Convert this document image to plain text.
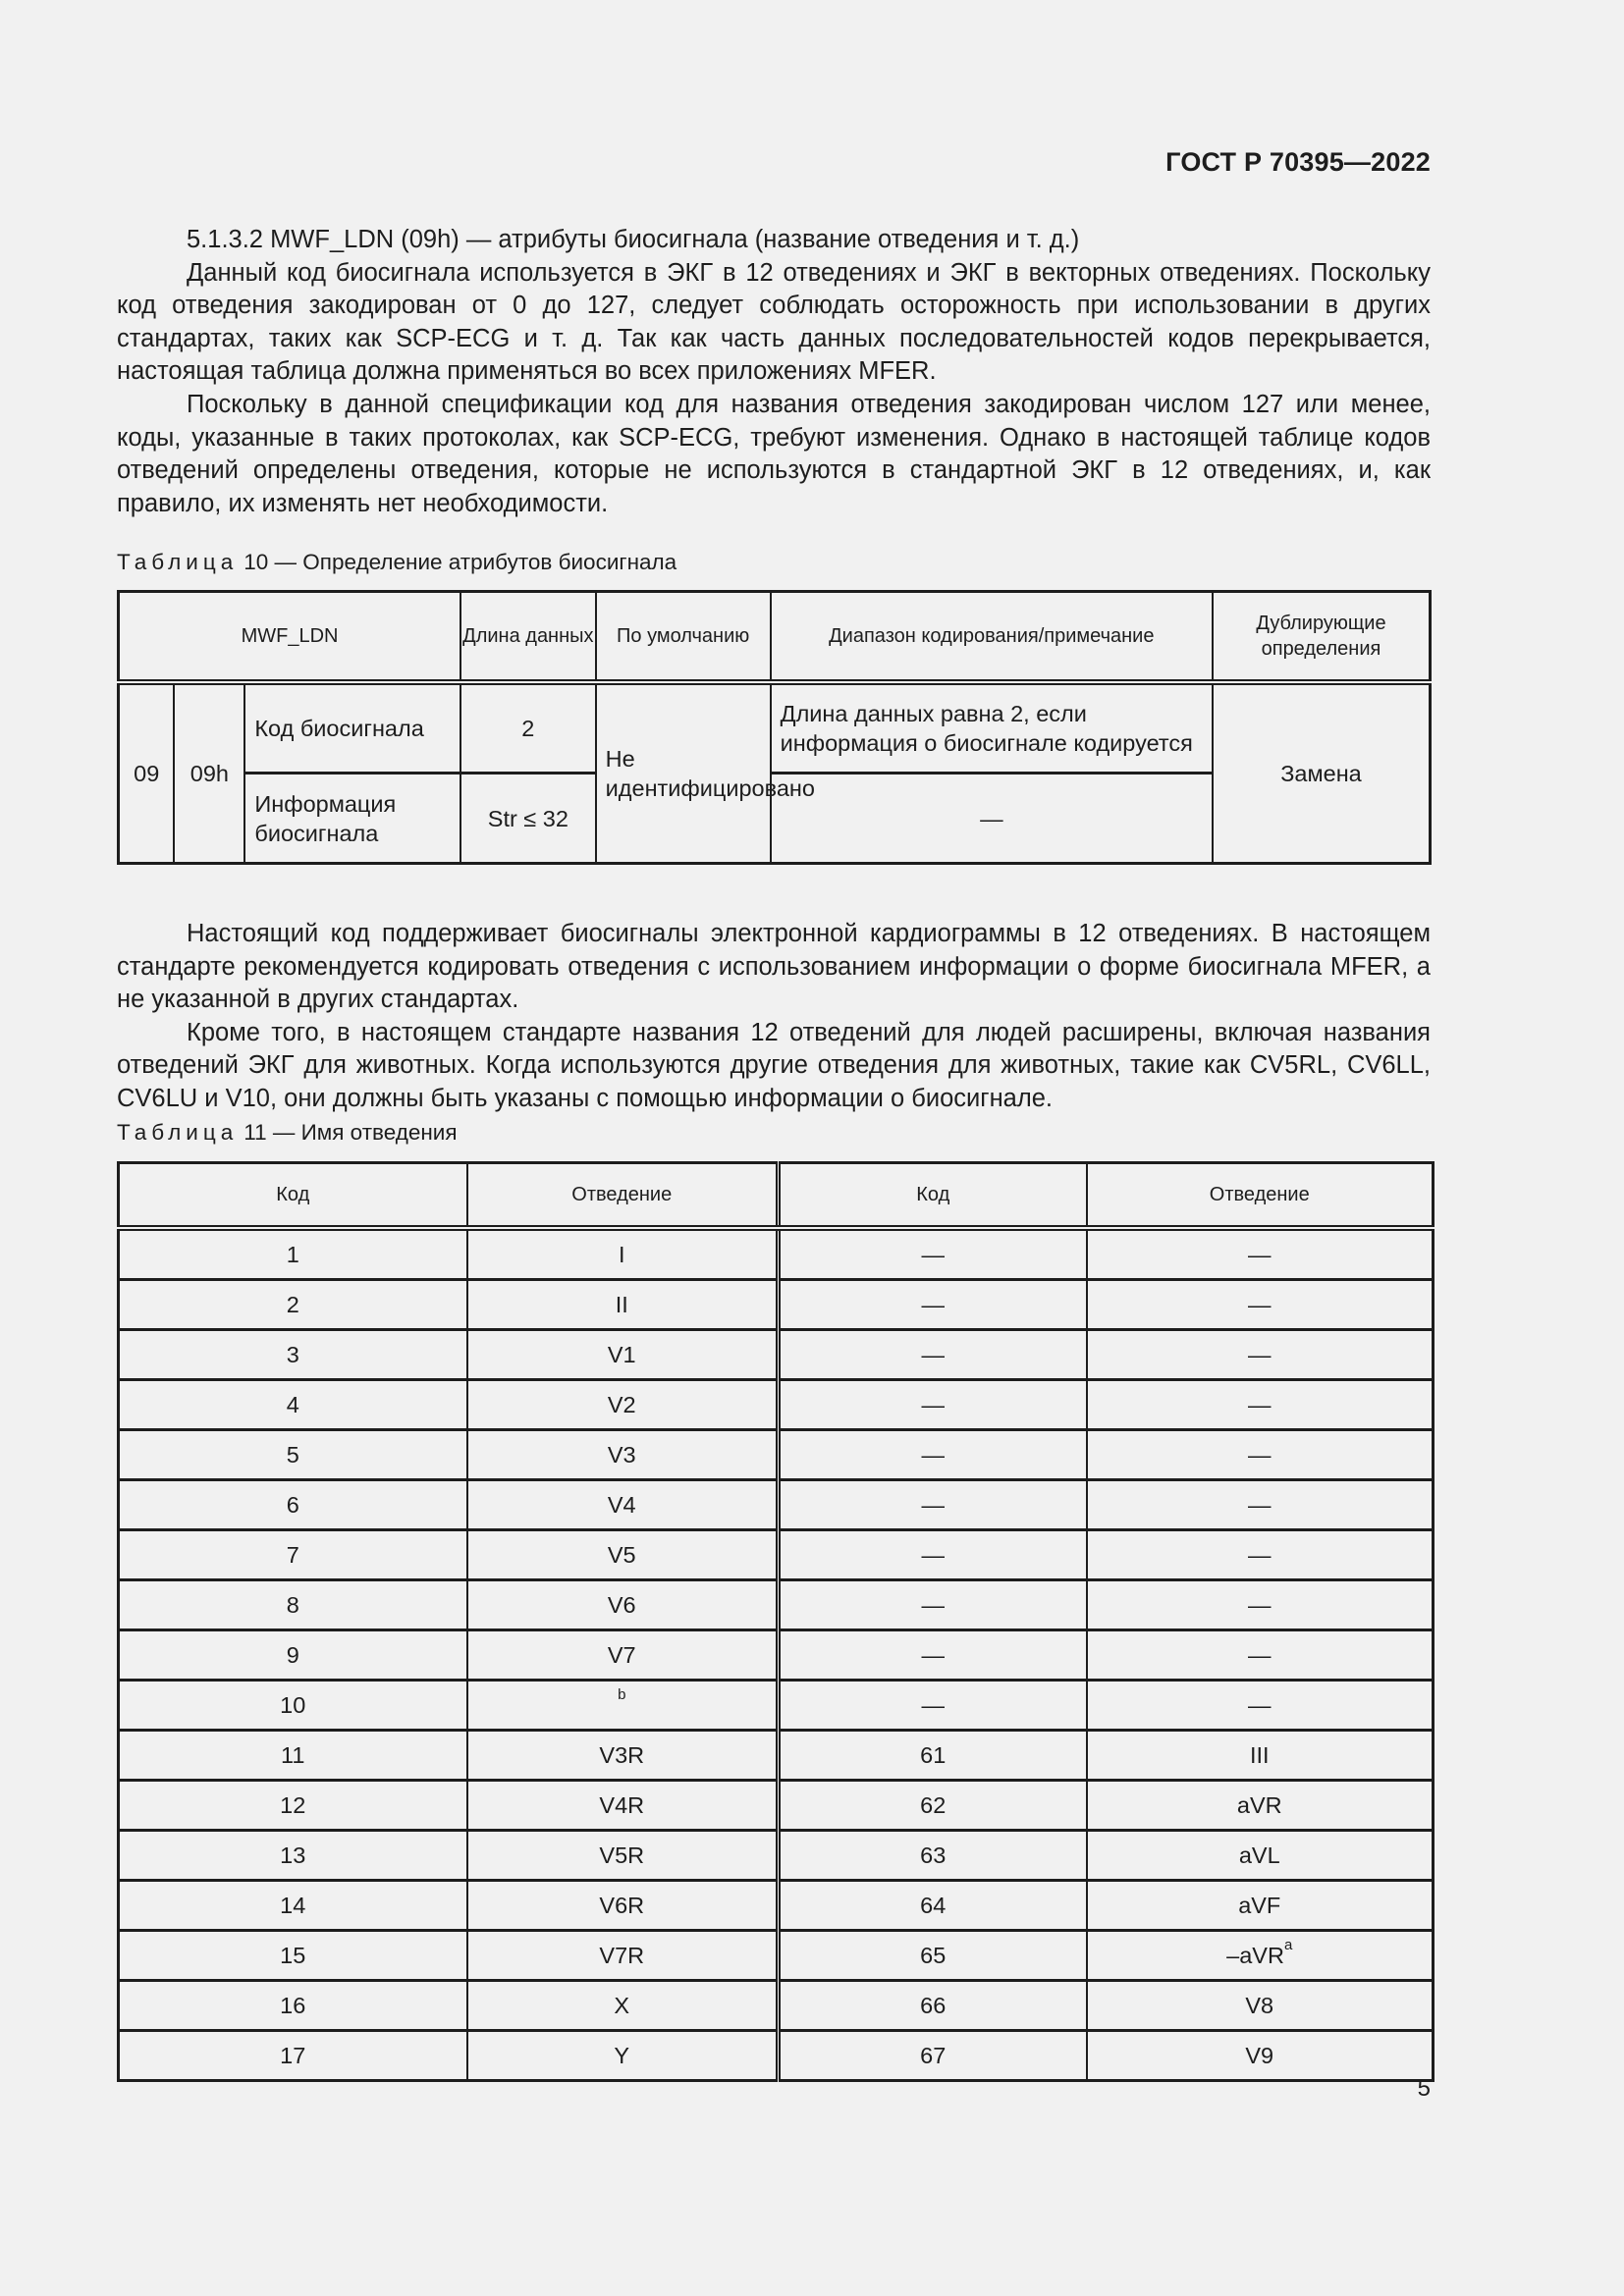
ГОСТ Р 70395—2022

5.1.3.2 MWF_LDN (09h) — атрибуты биосигнала (название отведения и т. д.)

Данный код биосигнала используется в ЭКГ в 12 отведениях и ЭКГ в векторных отведениях. Поскольку код отведения закодирован от 0 до 127, следует соблюдать осторожность при использовании в других стандартах, таких как SCP-ECG и т. д. Так как часть данных последовательностей кодов перекрывается, настоящая таблица должна применяться во всех приложениях MFER.

Поскольку в данной спецификации код для названия отведения закодирован числом 127 или менее, коды, указанные в таких протоколах, как SCP-ECG, требуют изменения. Однако в настоящей таблице кодов отведений определены отведения, которые не используются в стандартной ЭКГ в 12 отведениях, и, как правило, их изменять нет необходимости.

Таблица 10 — Определение атрибутов биосигнала
MWF_LDN			Длина данных	По умолчанию	Диапазон кодирования/примечание	Дублирующие определения
09	09h	Код биосигнала	2	Не идентифицировано	Длина данных равна 2, если информация о биосигнале кодируется	Замена
		Информация биосигнала	Str ≤ 32		—	

Настоящий код поддерживает биосигналы электронной кардиограммы в 12 отведениях. В настоящем стандарте рекомендуется кодировать отведения с использованием информации о форме биосигнала MFER, а не указанной в других стандартах.

Кроме того, в настоящем стандарте названия 12 отведений для людей расширены, включая названия отведений ЭКГ для животных. Когда используются другие отведения для животных, такие как CV5RL, CV6LL, CV6LU и V10, они должны быть указаны с помощью информации о биосигнале.

Таблица 11 — Имя отведения
Код	Отведение	Код	Отведение
1	I	—	—
2	II	—	—
3	V1	—	—
4	V2	—	—
5	V3	—	—
6	V4	—	—
7	V5	—	—
8	V6	—	—
9	V7	—	—
10	$^b$	—	—
11	V3R	61	III
12	V4R	62	aVR
13	V5R	63	aVL
14	V6R	64	aVF
15	V7R	65	–aVR$^a$
16	X	66	V8
17	Y	67	V9
5
